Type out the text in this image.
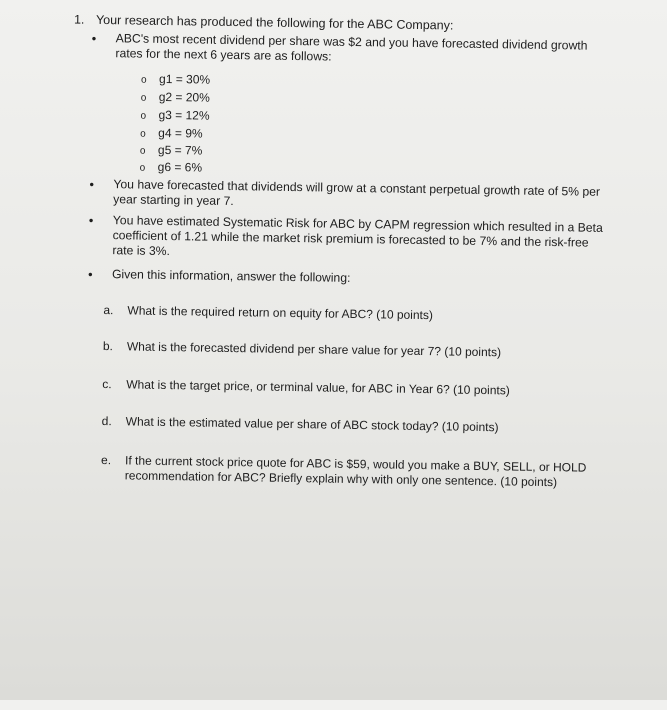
1. Your research has produced the following for the ABC Company:
• ABC's most recent dividend per share was $2 and you have forecasted dividend growth rates for the next 6 years are as follows:
o g1 = 30%
o g2 = 20%
o g3 = 12%
o g4 = 9%
o g5 = 7%
o g6 = 6%
• You have forecasted that dividends will grow at a constant perpetual growth rate of 5% per year starting in year 7.
• You have estimated Systematic Risk for ABC by CAPM regression which resulted in a Beta coefficient of 1.21 while the market risk premium is forecasted to be 7% and the risk-free rate is 3%.
• Given this information, answer the following:
a. What is the required return on equity for ABC? (10 points)
b. What is the forecasted dividend per share value for year 7? (10 points)
c. What is the target price, or terminal value, for ABC in Year 6? (10 points)
d. What is the estimated value per share of ABC stock today? (10 points)
e. If the current stock price quote for ABC is $59, would you make a BUY, SELL, or HOLD recommendation for ABC? Briefly explain why with only one sentence. (10 points)
